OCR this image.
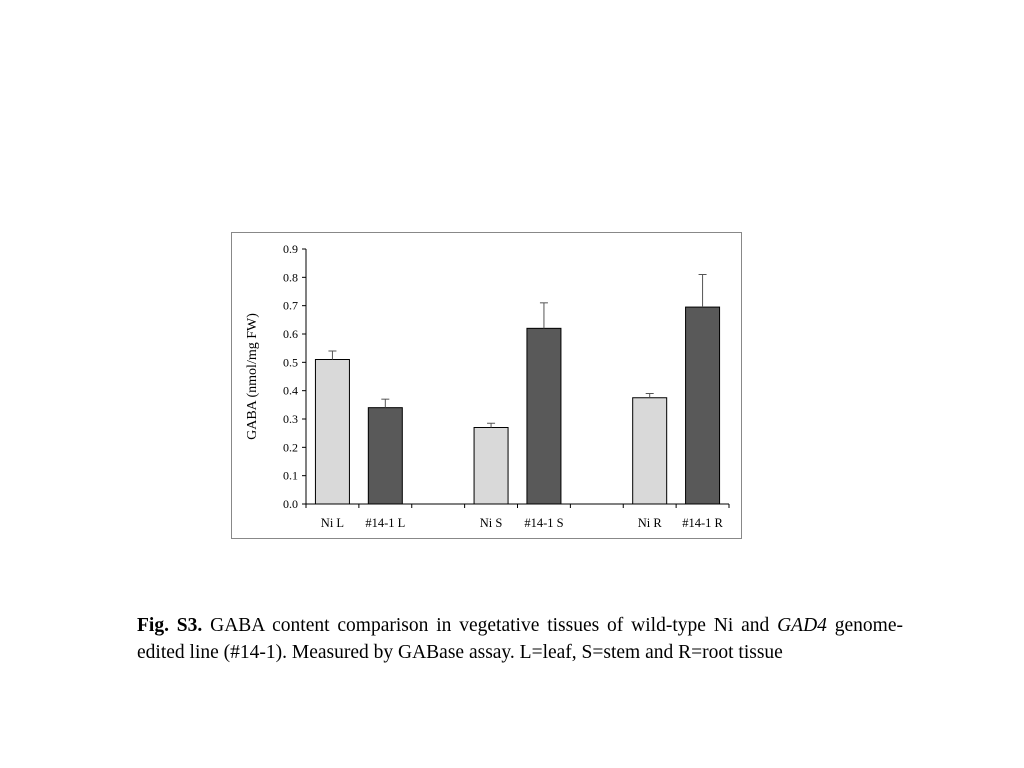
0.0
0.1
0.2
0.3
0.4
0.5
0.6
0.7
0.8
0.9
GABA (nmol/mg FW)
Ni L #14-1 L	Ni S #14-1 S	Ni R #14-1 R
Fig. S3. GABA content comparison in vegetative tissues of wild-type Ni and GAD4 genome-edited line (#14-1). Measured by GABase assay. L=leaf, S=stem and R=root tissue
